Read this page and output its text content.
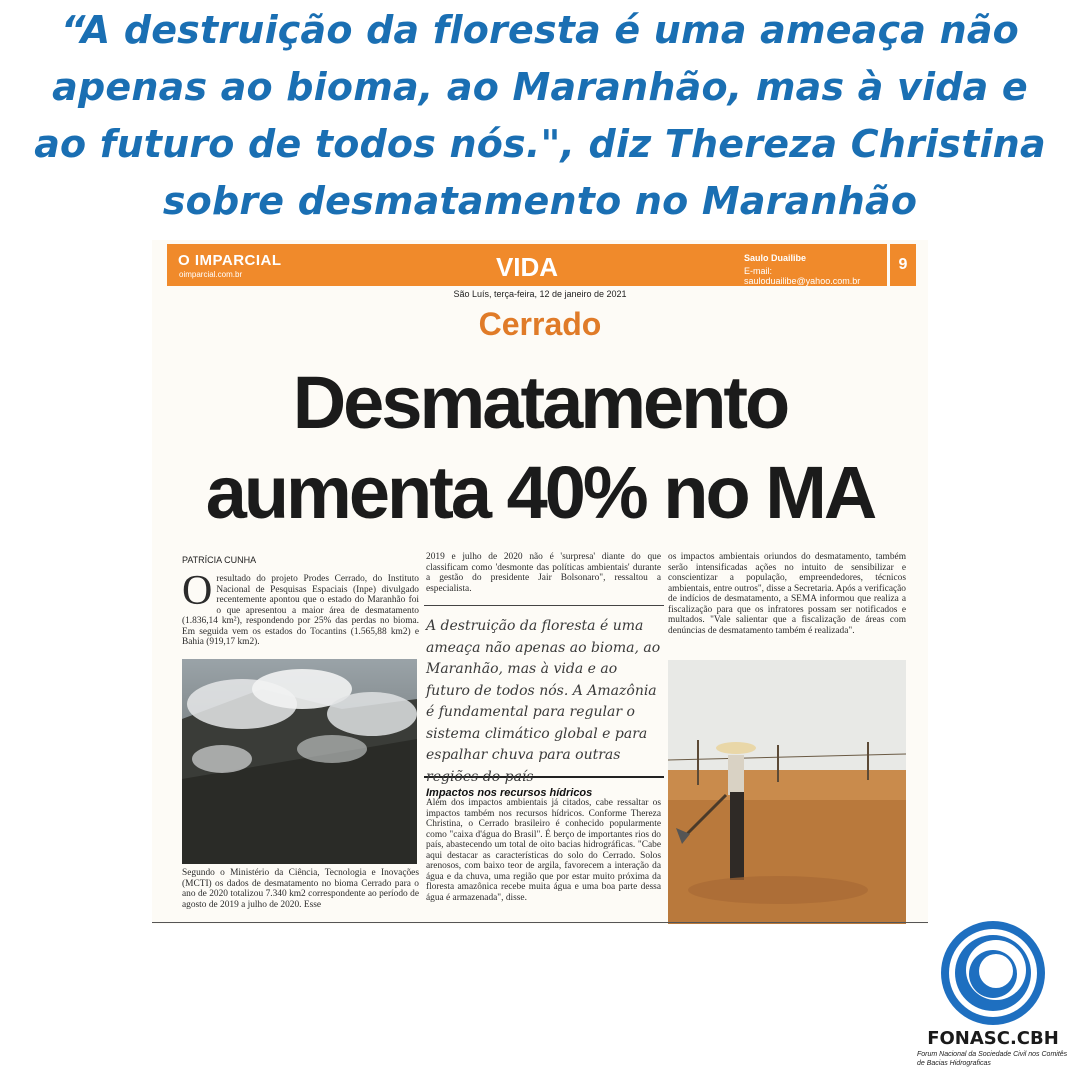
“A destruição da floresta é uma ameaça não apenas ao bioma, ao Maranhão, mas à vida e ao futuro de todos nós.", diz Thereza Christina sobre desmatamento no Maranhão
O IMPARCIAL
oimparcial.com.br	VIDA	Saulo Duailibe
E-mail: sauloduailibe@yahoo.com.br
9
São Luís, terça-feira, 12 de janeiro de 2021
Cerrado
Desmatamento
aumenta 40% no MA
PATRÍCIA CUNHA
O resultado do projeto Prodes Cerrado, do Instituto Nacional de Pesquisas Espaciais (Inpe) divulgado recentemente apontou que o estado do Maranhão foi o que apresentou a maior área de desmatamento (1.836,14 km²), respondendo por 25% das perdas no bioma. Em seguida vem os estados do Tocantins (1.565,88 km2) e Bahia (919,17 km2).
Segundo o Ministério da Ciência, Tecnologia e Inovações (MCTI) os dados de desmatamento no bioma Cerrado para o ano de 2020 totalizou 7.340 km2 correspondente ao período de agosto de 2019 a julho de 2020. Esse
2019 e julho de 2020 não é 'surpresa' diante do que classificam como 'desmonte das políticas ambientais' durante a gestão do presidente Jair Bolsonaro", ressaltou a especialista.
A destruição da floresta é uma ameaça não apenas ao bioma, ao Maranhão, mas à vida e ao futuro de todos nós. A Amazônia é fundamental para regular o sistema climático global e para espalhar chuva para outras regiões do país
Impactos nos recursos hídricos
Além dos impactos ambientais já citados, cabe ressaltar os impactos também nos recursos hídricos. Conforme Thereza Christina, o Cerrado brasileiro é conhecido popularmente como "caixa d'água do Brasil". É berço de importantes rios do país, abastecendo um total de oito bacias hidrográficas. "Cabe aqui destacar as características do solo do Cerrado. Solos arenosos, com baixo teor de argila, favorecem a interação da água e da chuva, uma região que por estar muito próxima da floresta amazônica recebe muita água e uma boa parte dessa água é armazenada", disse.
os impactos ambientais oriundos do desmatamento, também serão intensificadas ações no intuito de sensibilizar e conscientizar a população, empreendedores, técnicos ambientais, entre outros", disse a Secretaria. Após a verificação de indícios de desmatamento, a SEMA informou que realiza a fiscalização para que os infratores possam ser notificados e multados. "Vale salientar que a fiscalização de áreas com denúncias de desmatamento também é realizada".
FONASC.CBH
Forum Nacional da Sociedade Civil nos Comitês de Bacias Hidrograficas
